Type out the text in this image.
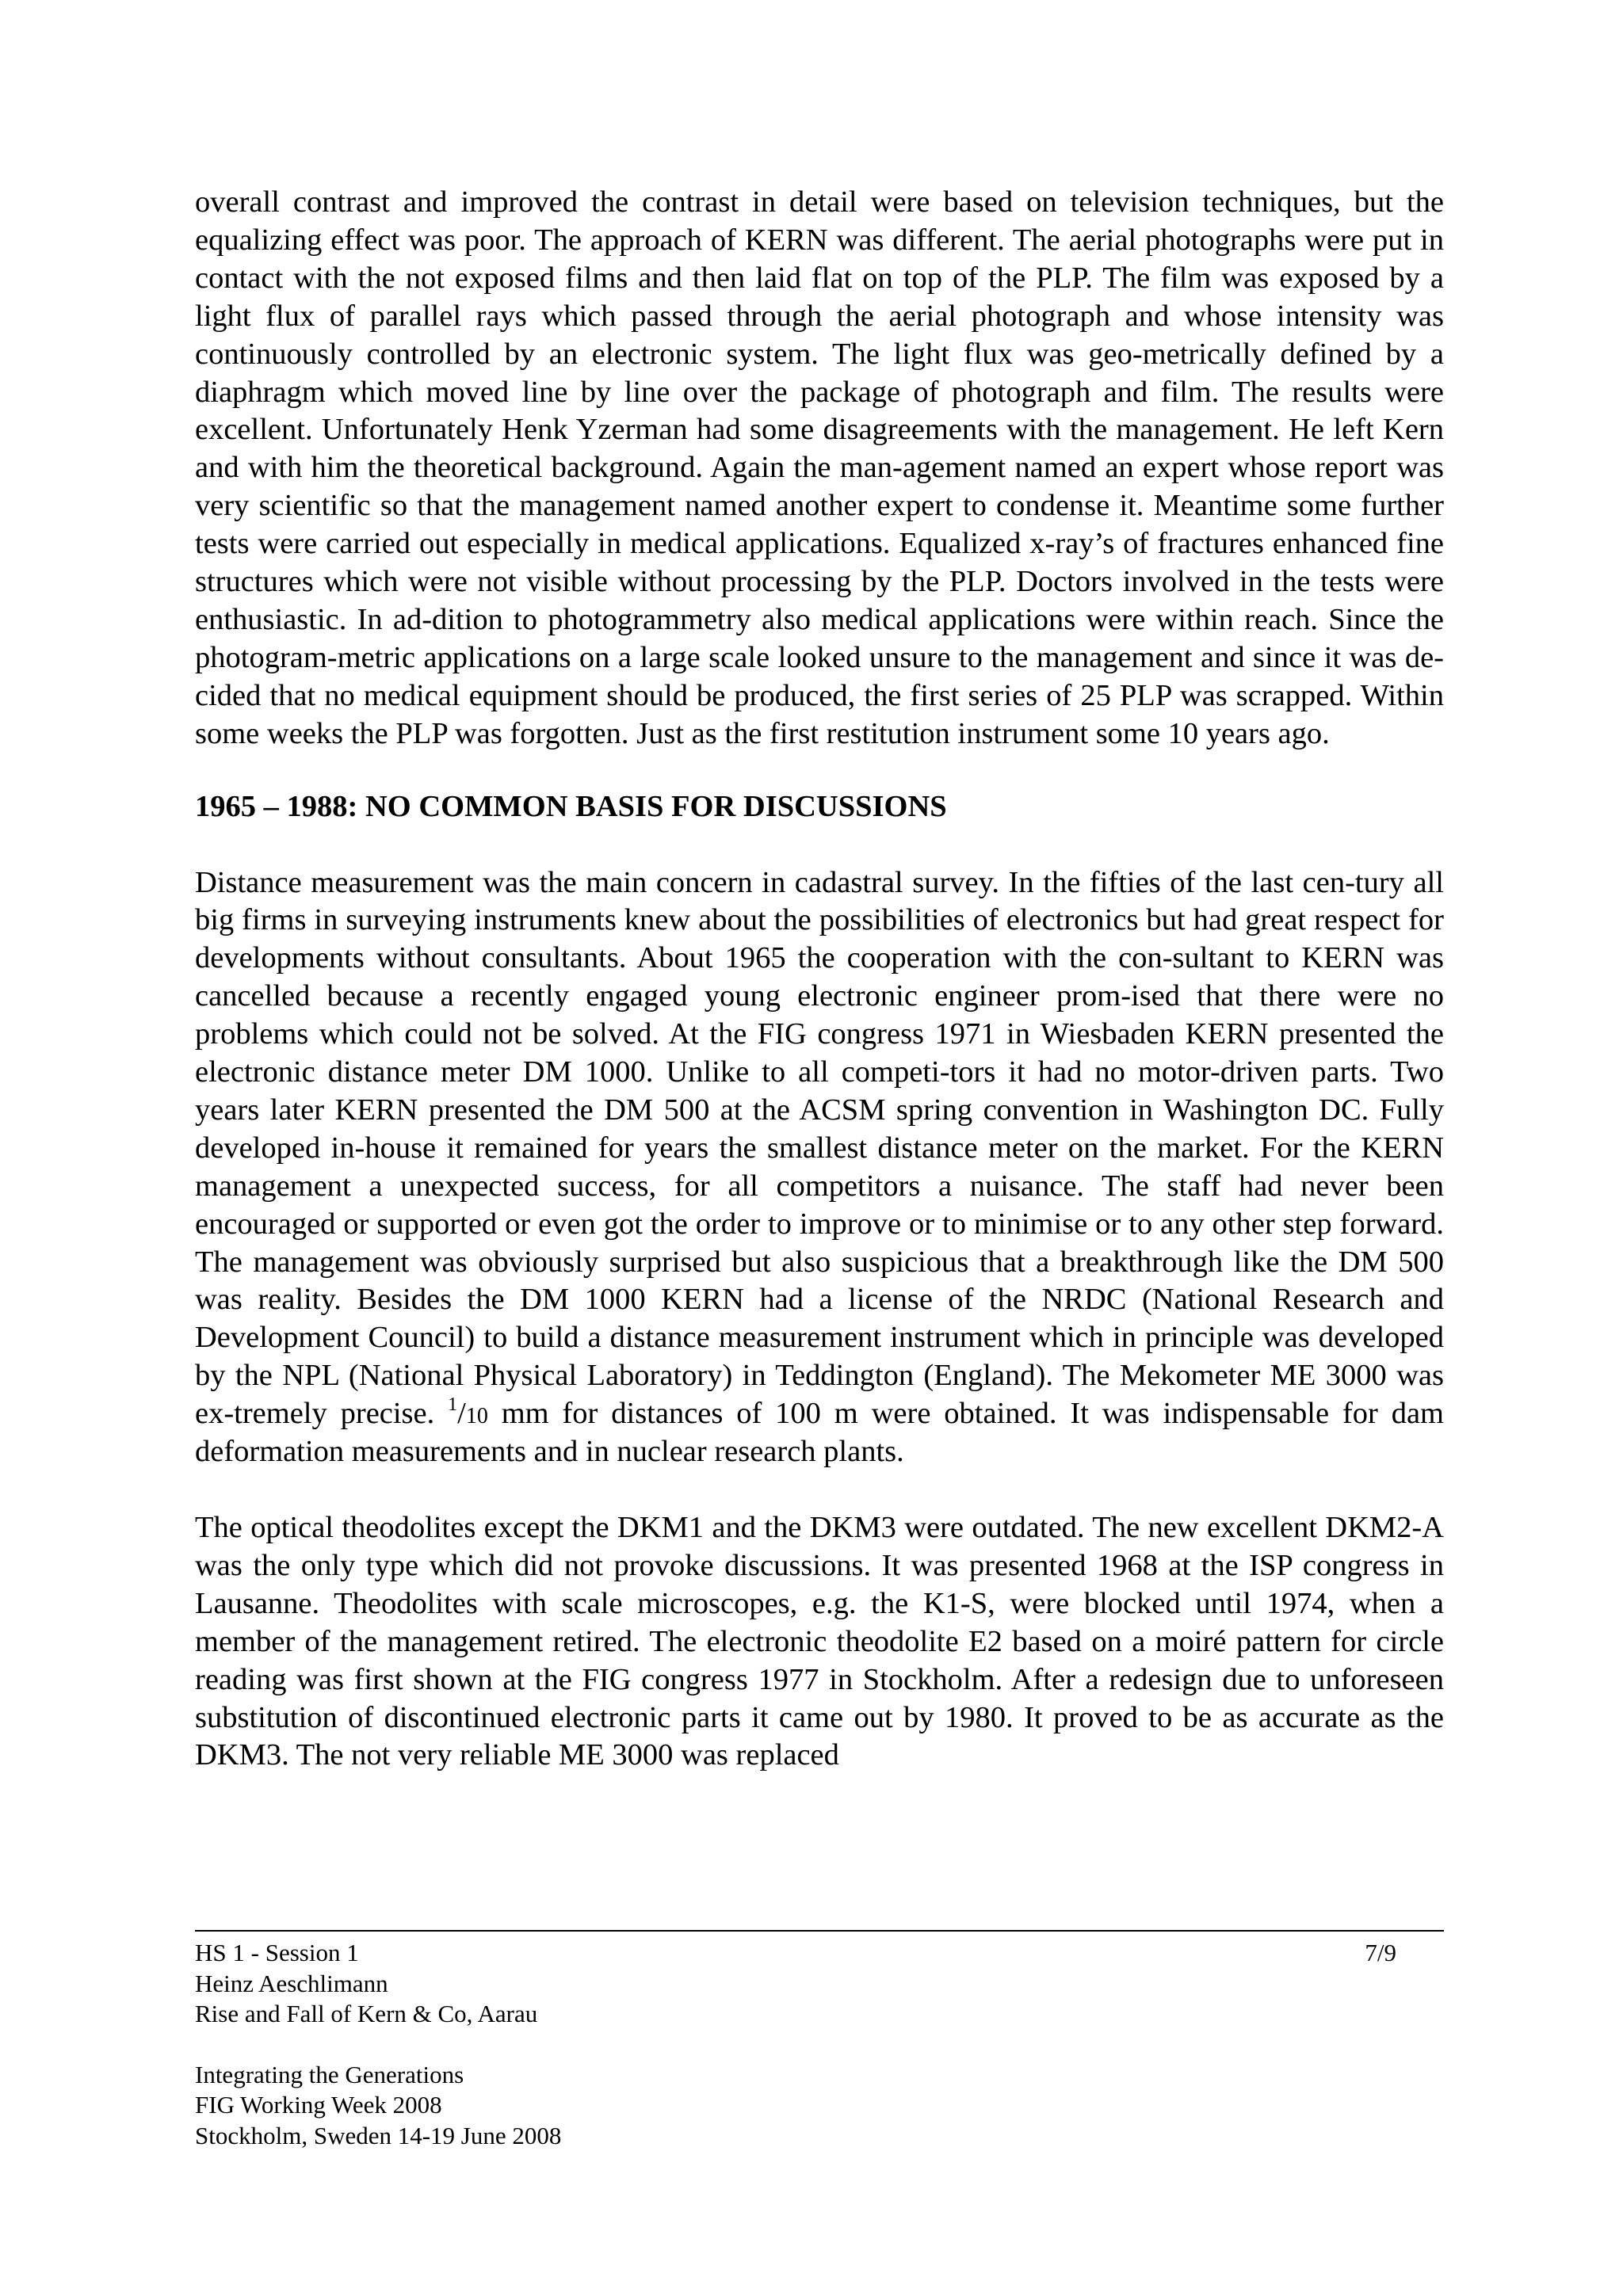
overall contrast and improved the contrast in detail were based on television techniques, but the equalizing effect was poor. The approach of KERN was different. The aerial photographs were put in contact with the not exposed films and then laid flat on top of the PLP. The film was exposed by a light flux of parallel rays which passed through the aerial photograph and whose intensity was continuously controlled by an electronic system. The light flux was geo-metrically defined by a diaphragm which moved line by line over the package of photograph and film. The results were excellent. Unfortunately Henk Yzerman had some disagreements with the management. He left Kern and with him the theoretical background. Again the man-agement named an expert whose report was very scientific so that the management named another expert to condense it. Meantime some further tests were carried out especially in medical applications. Equalized x-ray’s of fractures enhanced fine structures which were not visible without processing by the PLP. Doctors involved in the tests were enthusiastic. In ad-dition to photogrammetry also medical applications were within reach. Since the photogram-metric applications on a large scale looked unsure to the management and since it was de-cided that no medical equipment should be produced, the first series of 25 PLP was scrapped. Within some weeks the PLP was forgotten. Just as the first restitution instrument some 10 years ago.

1965 – 1988: NO COMMON BASIS FOR DISCUSSIONS

Distance measurement was the main concern in cadastral survey. In the fifties of the last cen-tury all big firms in surveying instruments knew about the possibilities of electronics but had great respect for developments without consultants. About 1965 the cooperation with the con-sultant to KERN was cancelled because a recently engaged young electronic engineer prom-ised that there were no problems which could not be solved. At the FIG congress 1971 in Wiesbaden KERN presented the electronic distance meter DM 1000. Unlike to all competi-tors it had no motor-driven parts. Two years later KERN presented the DM 500 at the ACSM spring convention in Washington DC. Fully developed in-house it remained for years the smallest distance meter on the market. For the KERN management a unexpected success, for all competitors a nuisance. The staff had never been encouraged or supported or even got the order to improve or to minimise or to any other step forward. The management was obviously surprised but also suspicious that a breakthrough like the DM 500 was reality. Besides the DM 1000 KERN had a license of the NRDC (National Research and Development Council) to build a distance measurement instrument which in principle was developed by the NPL (National Physical Laboratory) in Teddington (England). The Mekometer ME 3000 was ex-tremely precise. $^1$/10 mm for distances of 100 m were obtained. It was indispensable for dam deformation measurements and in nuclear research plants.

The optical theodolites except the DKM1 and the DKM3 were outdated. The new excellent DKM2-A was the only type which did not provoke discussions. It was presented 1968 at the ISP congress in Lausanne. Theodolites with scale microscopes, e.g. the K1-S, were blocked until 1974, when a member of the management retired. The electronic theodolite E2 based on a moiré pattern for circle reading was first shown at the FIG congress 1977 in Stockholm. After a redesign due to unforeseen substitution of discontinued electronic parts it came out by 1980. It proved to be as accurate as the DKM3. The not very reliable ME 3000 was replaced

7/9
HS 1 - Session 1
Heinz Aeschlimann
Rise and Fall of Kern & Co, Aarau
Integrating the Generations
FIG Working Week 2008
Stockholm, Sweden 14-19 June 2008
